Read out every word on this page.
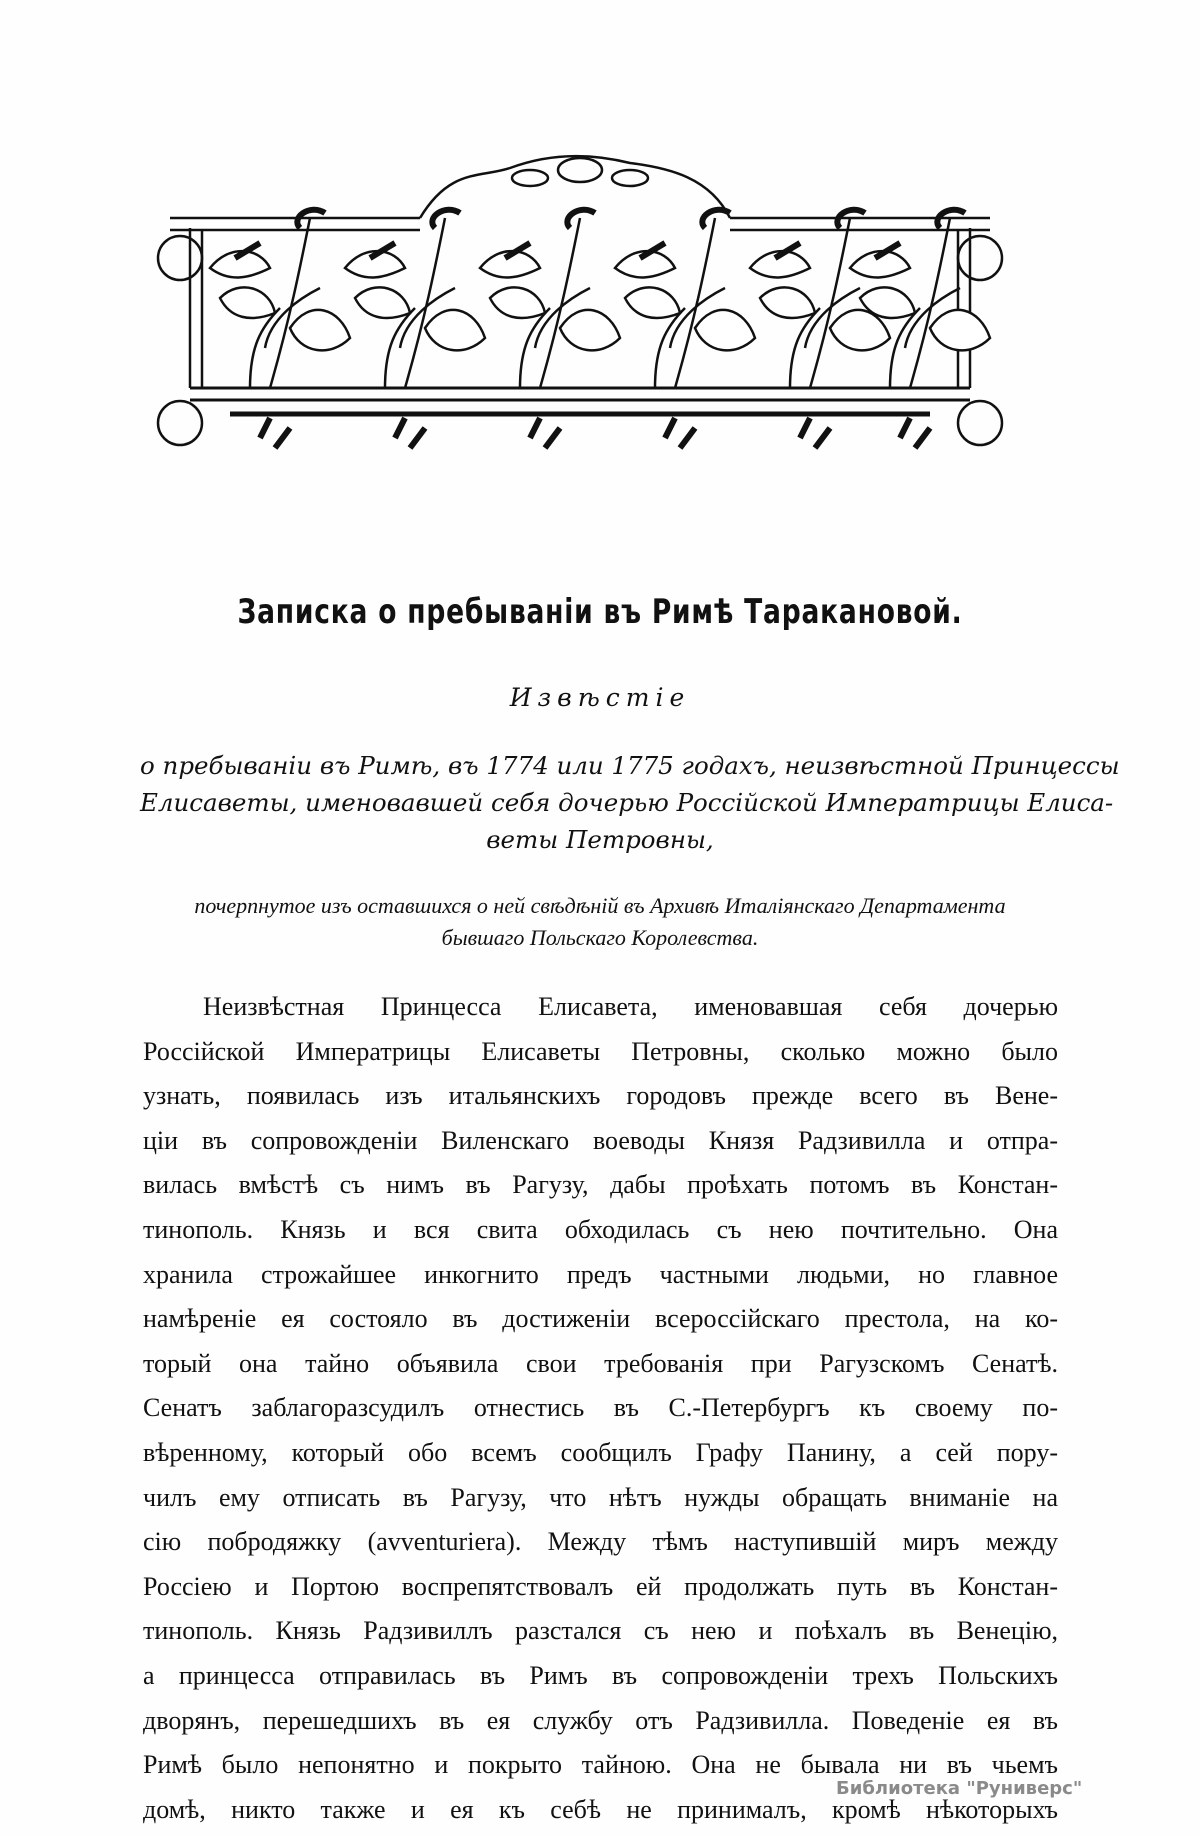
Записка о пребыванiи въ Римѣ Таракановой.
Извѣстiе
о пребыванiи въ Римѣ, въ 1774 или 1775 годахъ, неизвѣстной Принцессы
Елисаветы, именовавшей себя дочерью Россiйской Императрицы Елиса-
веты Петровны,
почерпнутое изъ оставшихся о ней свѣдѣнiй въ Архивѣ Италiянскаго Департамента
бывшаго Польскаго Королевства.
Неизвѣстная Принцесса Елисавета, именовавшая себя дочерью
Россiйской Императрицы Елисаветы Петровны, сколько можно было
узнать, появилась изъ итальянскихъ городовъ прежде всего въ Вене-
цiи въ сопровожденiи Виленскаго воеводы Князя Радзивилла и отпра-
вилась вмѣстѣ съ нимъ въ Рагузу, дабы проѣхать потомъ въ Констан-
тинополь. Князь и вся свита обходилась съ нею почтительно. Она
хранила строжайшее инкогнито предъ частными людьми, но главное
намѣренiе ея состояло въ достиженiи всероссiйскаго престола, на ко-
торый она тайно объявила свои требованiя при Рагузскомъ Сенатѣ.
Сенатъ заблагоразсудилъ отнестись въ С.-Петербургъ къ своему по-
вѣренному, который обо всемъ сообщилъ Графу Панину, а сей пору-
чилъ ему отписать въ Рагузу, что нѣтъ нужды обращать вниманiе на
сiю побродяжку (avventuriera). Между тѣмъ наступившiй миръ между
Россiею и Портою воспрепятствовалъ ей продолжать путь въ Констан-
тинополь. Князь Радзивиллъ разстался съ нею и поѣхалъ въ Венецiю,
а принцесса отправилась въ Римъ въ сопровожденiи трехъ Польскихъ
дворянъ, перешедшихъ въ ея службу отъ Радзивилла. Поведенiе ея въ
Римѣ было непонятно и покрыто тайною. Она не бывала ни въ чьемъ
домѣ, никто также и ея къ себѣ не принималъ, кромѣ нѣкоторыхъ
Библиотека "Руниверс"
